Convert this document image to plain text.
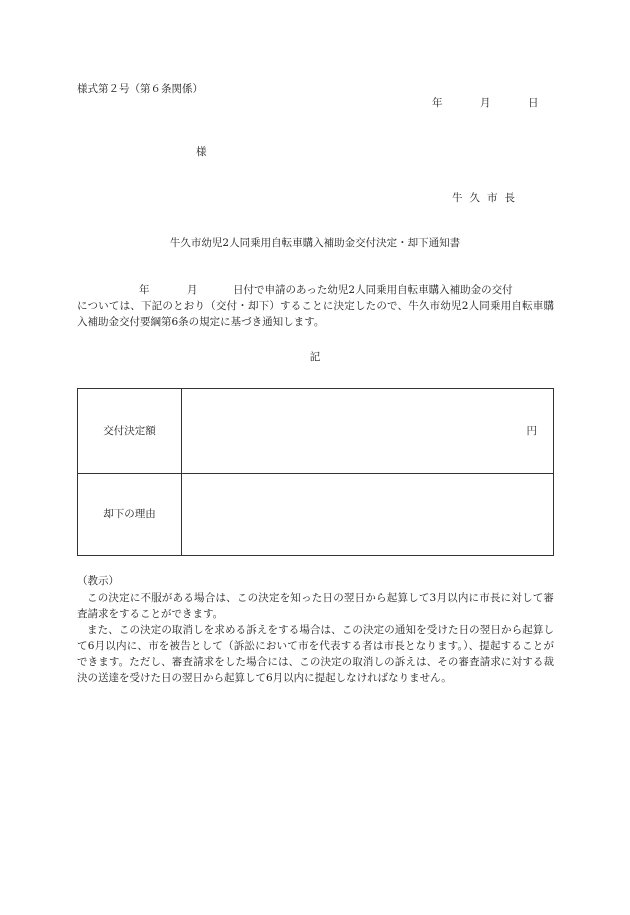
様式第２号（第６条関係）
年	月	日
様
牛久市長
牛久市幼児2人同乗用自転車購入補助金交付決定・却下通知書
年	月	日付で申請のあった幼児2人同乗用自転車購入補助金の交付
については、下記のとおり（交付・却下）することに決定したので、牛久市幼児2人同乗用自転車購入補助金交付要綱第6条の規定に基づき通知します。
記
交付決定額	円
却下の理由

（教示）

この決定に不服がある場合は、この決定を知った日の翌日から起算して3月以内に市長に対して審査請求をすることができます。

また、この決定の取消しを求める訴えをする場合は、この決定の通知を受けた日の翌日から起算して6月以内に、市を被告として（訴訟において市を代表する者は市長となります。）、提起することができます。ただし、審査請求をした場合には、この決定の取消しの訴えは、その審査請求に対する裁決の送達を受けた日の翌日から起算して6月以内に提起しなければなりません。
